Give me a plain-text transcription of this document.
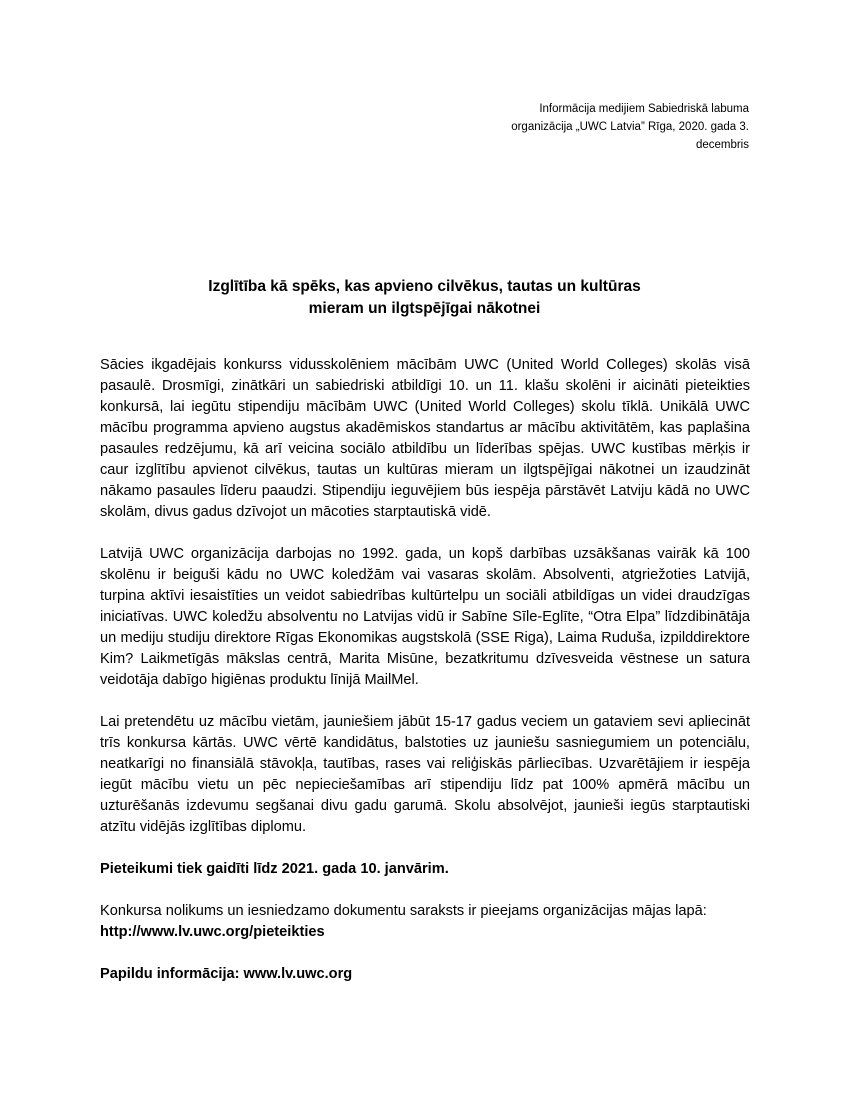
Informācija medijiem Sabiedriskā labuma
organizācija „UWC Latvia” Rīga, 2020. gada 3.
decembris
Izglītība kā spēks, kas apvieno cilvēkus, tautas un kultūras
mieram un ilgtspējīgai nākotnei

Sācies ikgadējais konkurss vidusskolēniem mācībām UWC (United World Colleges) skolās visā pasaulē. Drosmīgi, zinātkāri un sabiedriski atbildīgi 10. un 11. klašu skolēni ir aicināti pieteikties konkursā, lai iegūtu stipendiju mācībām UWC (United World Colleges) skolu tīklā. Unikālā UWC mācību programma apvieno augstus akadēmiskos standartus ar mācību aktivitātēm, kas paplašina pasaules redzējumu, kā arī veicina sociālo atbildību un līderības spējas. UWC kustības mērķis ir caur izglītību apvienot cilvēkus, tautas un kultūras mieram un ilgtspējīgai nākotnei un izaudzināt nākamo pasaules līderu paaudzi. Stipendiju ieguvējiem būs iespēja pārstāvēt Latviju kādā no UWC skolām, divus gadus dzīvojot un mācoties starptautiskā vidē.

Latvijā UWC organizācija darbojas no 1992. gada, un kopš darbības uzsākšanas vairāk kā 100 skolēnu ir beiguši kādu no UWC koledžām vai vasaras skolām. Absolventi, atgriežoties Latvijā, turpina aktīvi iesaistīties un veidot sabiedrības kultūrtelpu un sociāli atbildīgas un videi draudzīgas iniciatīvas. UWC koledžu absolventu no Latvijas vidū ir Sabīne Sīle-Eglīte, “Otra Elpa” līdzdibinātāja un mediju studiju direktore Rīgas Ekonomikas augstskolā (SSE Riga), Laima Ruduša, izpilddirektore Kim? Laikmetīgās mākslas centrā, Marita Misūne, bezatkritumu dzīvesveida vēstnese un satura veidotāja dabīgo higiēnas produktu līnijā MailMel.

Lai pretendētu uz mācību vietām, jauniešiem jābūt 15-17 gadus veciem un gataviem sevi apliecināt trīs konkursa kārtās. UWC vērtē kandidātus, balstoties uz jauniešu sasniegumiem un potenciālu, neatkarīgi no finansiālā stāvokļa, tautības, rases vai reliģiskās pārliecības. Uzvarētājiem ir iespēja iegūt mācību vietu un pēc nepieciešamības arī stipendiju līdz pat 100% apmērā mācību un uzturēšanās izdevumu segšanai divu gadu garumā. Skolu absolvējot, jaunieši iegūs starptautiski atzītu vidējās izglītības diplomu.

Pieteikumi tiek gaidīti līdz 2021. gada 10. janvārim.

Konkursa nolikums un iesniedzamo dokumentu saraksts ir pieejams organizācijas mājas lapā:

http://www.lv.uwc.org/pieteikties

Papildu informācija: www.lv.uwc.org
